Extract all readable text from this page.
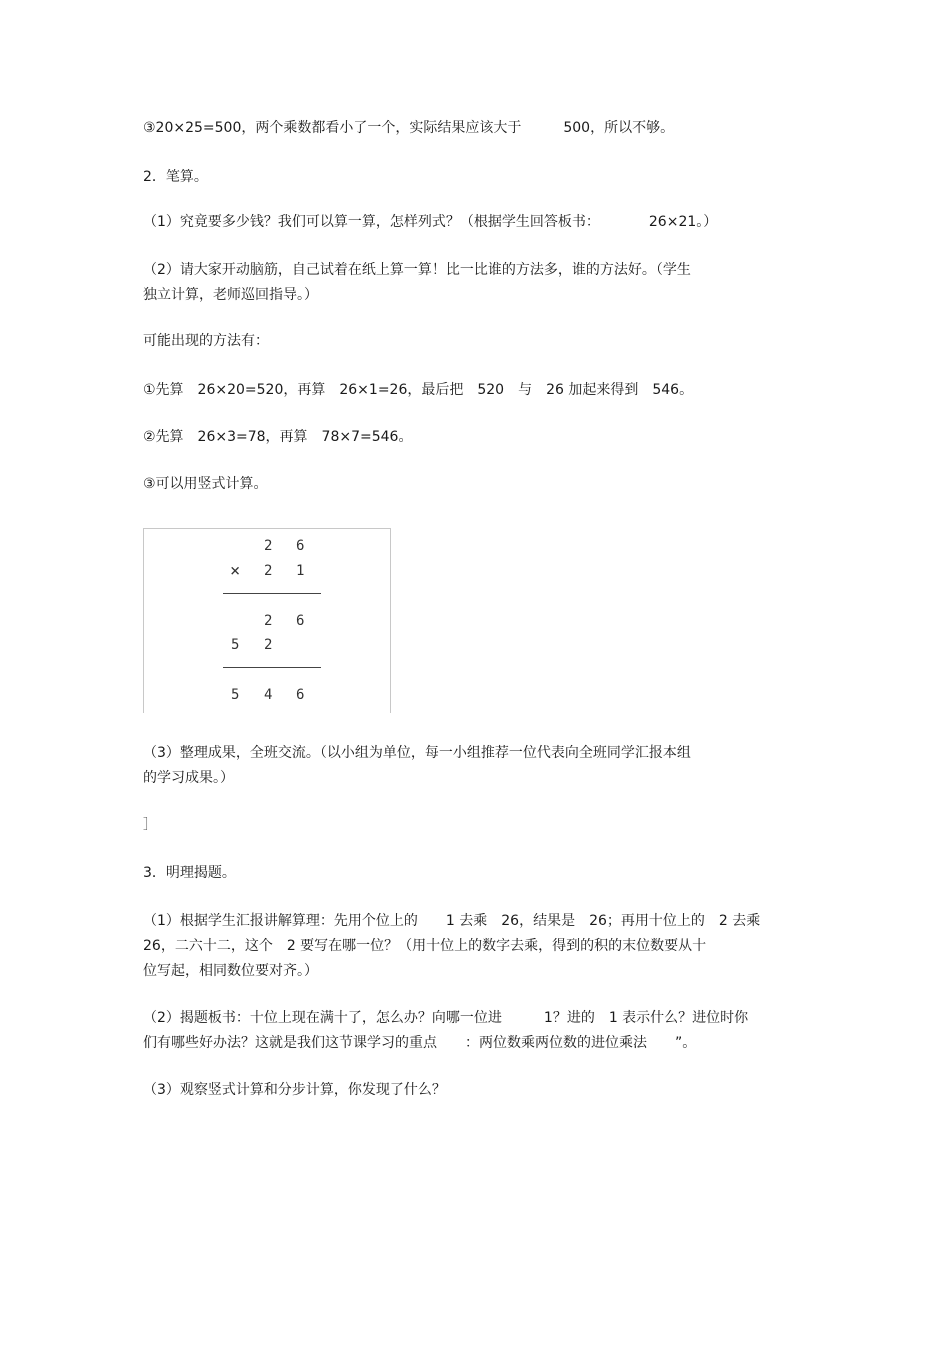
③20×25=500，两个乘数都看小了一个，实际结果应该大于　　　500，所以不够。

2．笔算。

（1）究竟要多少钱？我们可以算一算，怎样列式？（根据学生回答板书：　　　　26×21。）

（2）请大家开动脑筋，自己试着在纸上算一算！比一比谁的方法多，谁的方法好。（学生

独立计算，老师巡回指导。）

可能出现的方法有：

①先算　26×20=520，再算　26×1=26，最后把　520　与　26 加起来得到　546。

②先算　26×3=78，再算　78×7=546。

③可以用竖式计算。

2 6
× 2 1
2 6
5 2
5 4 6

（3）整理成果，全班交流。（以小组为单位，每一小组推荐一位代表向全班同学汇报本组

的学习成果。）

］

3．明理揭题。

（1）根据学生汇报讲解算理：先用个位上的　　1 去乘　26，结果是　26；再用十位上的　2 去乘

26，二六十二，这个　2 要写在哪一位？（用十位上的数字去乘，得到的积的末位数要从十

位写起，相同数位要对齐。）

（2）揭题板书：十位上现在满十了，怎么办？向哪一位进　　　1？进的　1 表示什么？进位时你

们有哪些好办法？这就是我们这节课学习的重点　　：两位数乘两位数的进位乘法　　”。

（3）观察竖式计算和分步计算，你发现了什么？
